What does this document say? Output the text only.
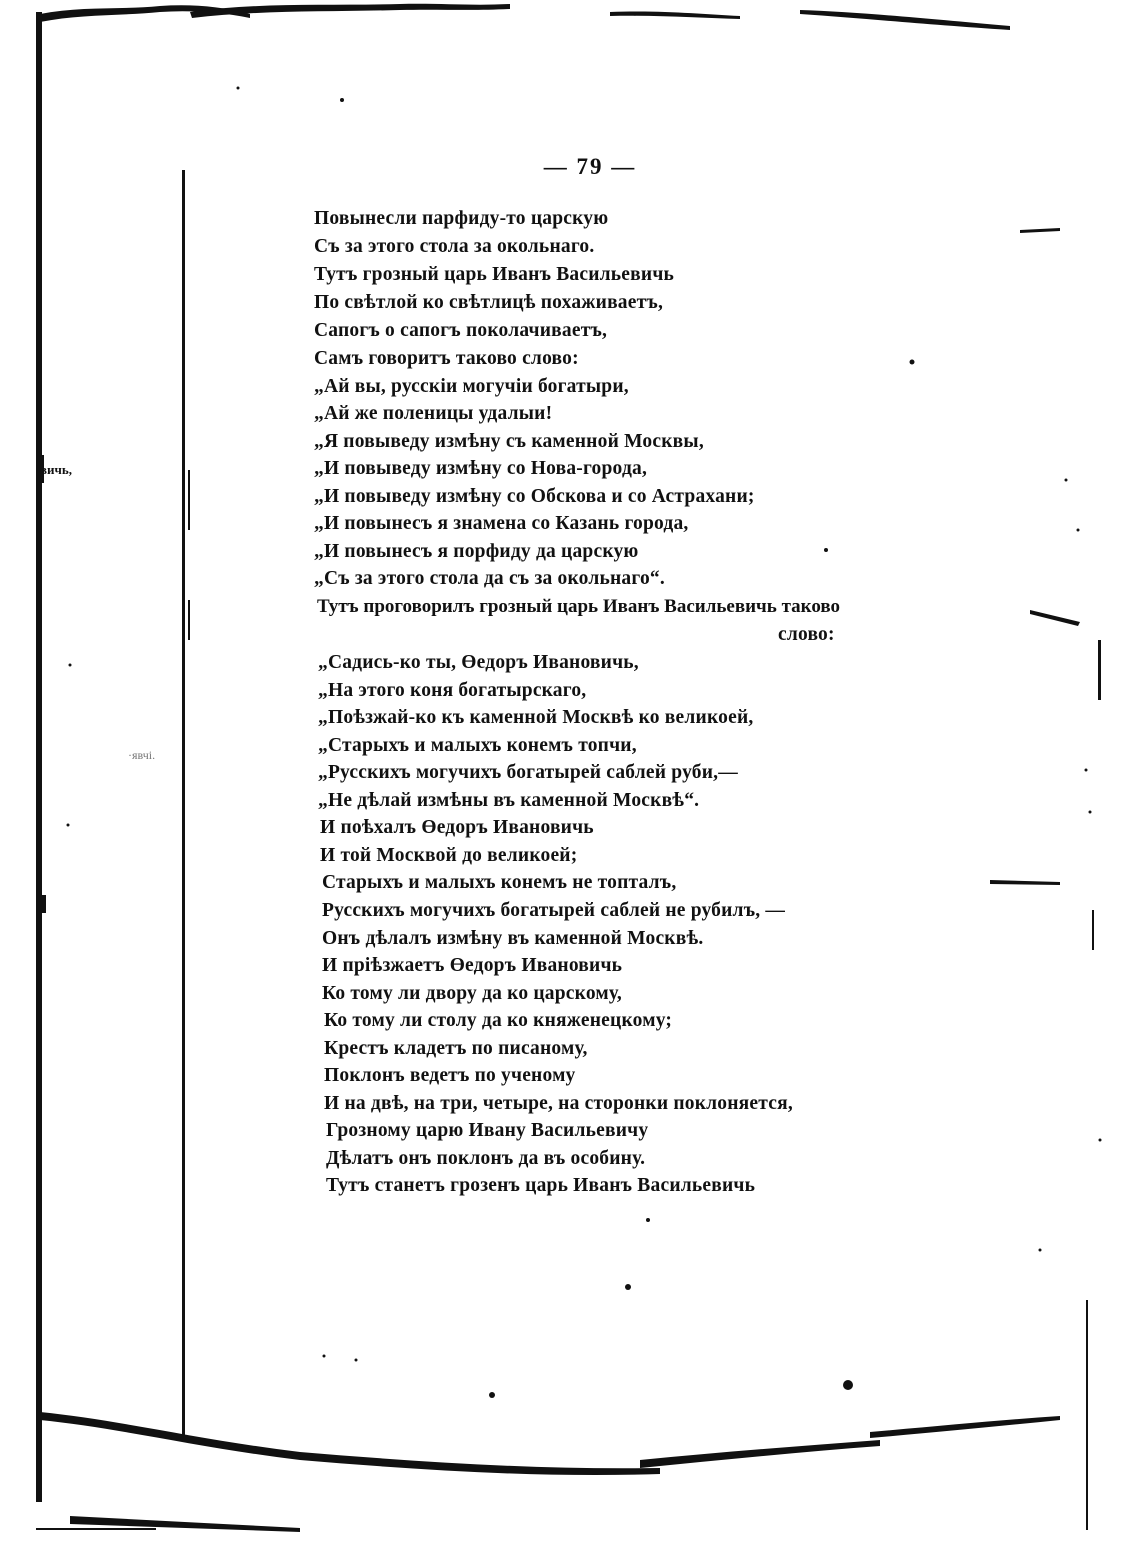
— 79 —
вичь,
·явчі.
Повынесли парфиду-то царскую
Съ за этого стола за окольнаго.
Тутъ грозный царь Иванъ Васильевичь
По свѣтлой ко свѣтлицѣ похаживаетъ,
Сапогъ о сапогъ поколачиваетъ,
Самъ говоритъ таково слово:
„Ай вы, русскіи могучіи богатыри,
„Ай же поленицы удалыи!
„Я повыведу измѣну съ каменной Москвы,
„И повыведу измѣну со Нова-города,
„И повыведу измѣну со Обскова и со Астрахани;
„И повынесъ я знамена со Казань города,
„И повынесъ я порфиду да царскую
„Съ за этого стола да съ за окольнаго“.
Тутъ проговорилъ грозный царь Иванъ Васильевичь таково
слово:
„Садись-ко ты, Өедоръ Ивановичь,
„На этого коня богатырскаго,
„Поѣзжай-ко къ каменной Москвѣ ко великоей,
„Старыхъ и малыхъ конемъ топчи,
„Русскихъ могучихъ богатырей саблей руби,—
„Не дѣлай измѣны въ каменной Москвѣ“.
И поѣхалъ Өедоръ Ивановичь
И той Москвой до великоей;
Старыхъ и малыхъ конемъ не топталъ,
Русскихъ могучихъ богатырей саблей не рубилъ, —
Онъ дѣлалъ измѣну въ каменной Москвѣ.
И пріѣзжаетъ Өедоръ Ивановичь
Ко тому ли двору да ко царскому,
Ко тому ли столу да ко княженецкому;
Крестъ кладетъ по писаному,
Поклонъ ведетъ по ученому
И на двѣ, на три, четыре, на сторонки поклоняется,
Грозному царю Ивану Васильевичу
Дѣлатъ онъ поклонъ да въ особину.
Тутъ станетъ грозенъ царь Иванъ Васильевичь
